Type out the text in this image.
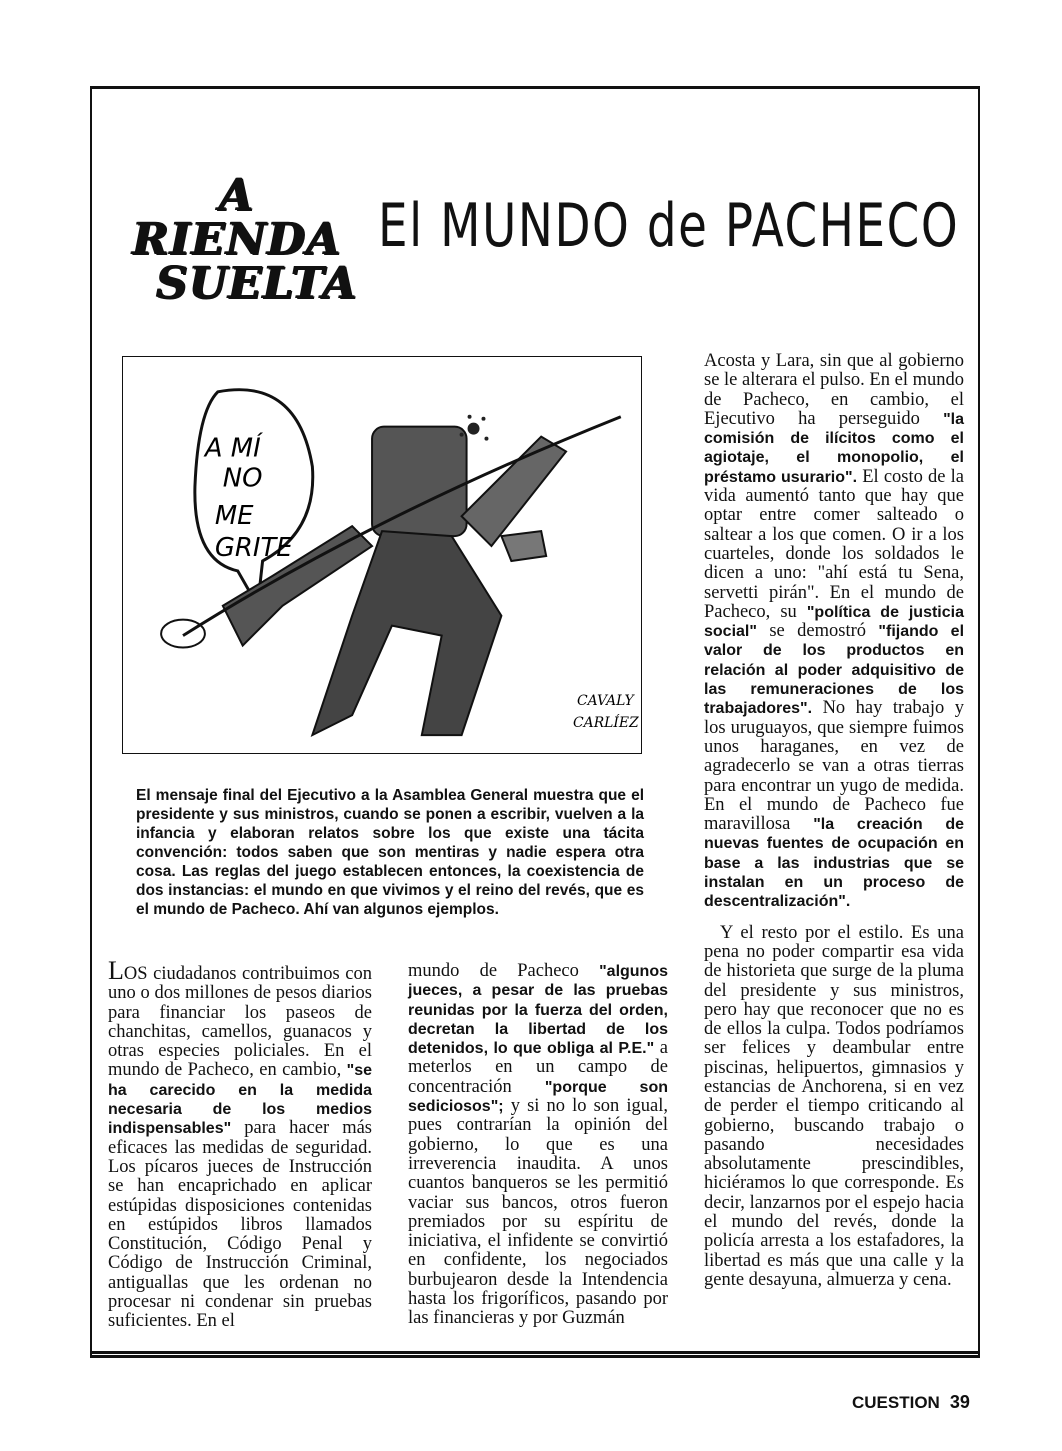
A RIENDA
SUELTA
El MUNDO de PACHECO
A MÍ
NO
ME
GRITE
CAVALY
CARLÍEZ
El mensaje final del Ejecutivo a la Asamblea General muestra que el presidente y sus ministros, cuando se ponen a escribir, vuelven a la infancia y elaboran relatos sobre los que existe una tácita convención: todos saben que son mentiras y nadie espera otra cosa. Las reglas del juego establecen entonces, la coexistencia de dos instancias: el mundo en que vivimos y el reino del revés, que es el mundo de Pacheco. Ahí van algunos ejemplos.

LOS ciudadanos contribuimos con uno o dos millones de pesos diarios para financiar los paseos de chanchitas, camellos, guanacos y otras especies policiales. En el mundo de Pacheco, en cambio, "se ha carecido en la medida necesaria de los medios indispensables" para hacer más eficaces las medidas de seguridad. Los pícaros jueces de Instrucción se han encaprichado en aplicar estúpidas disposiciones contenidas en estúpidos libros llamados Constitución, Código Penal y Código de Instrucción Criminal, antiguallas que les ordenan no procesar ni condenar sin pruebas suficientes. En el

mundo de Pacheco "algunos jueces, a pesar de las pruebas reunidas por la fuerza del orden, decretan la libertad de los detenidos, lo que obliga al P.E." a meterlos en un campo de concentración "porque son sediciosos"; y si no lo son igual, pues contrarían la opinión del gobierno, lo que es una irreverencia inaudita. A unos cuantos banqueros se les permitió vaciar sus bancos, otros fueron premiados por su espíritu de iniciativa, el infidente se convirtió en confidente, los negociados burbujearon desde la Intendencia hasta los frigoríficos, pasando por las financieras y por Guzmán

Acosta y Lara, sin que al gobierno se le alterara el pulso. En el mundo de Pacheco, en cambio, el Ejecutivo ha perseguido "la comisión de ilícitos como el agiotaje, el monopolio, el préstamo usurario". El costo de la vida aumentó tanto que hay que optar entre comer salteado o saltear a los que comen. O ir a los cuarteles, donde los soldados le dicen a uno: "ahí está tu Sena, servetti pirán". En el mundo de Pacheco, su "política de justicia social" se demostró "fijando el valor de los productos en relación al poder adquisitivo de las remuneraciones de los trabajadores". No hay trabajo y los uruguayos, que siempre fuimos unos haraganes, en vez de agradecerlo se van a otras tierras para encontrar un yugo de medida. En el mundo de Pacheco fue maravillosa "la creación de nuevas fuentes de ocupación en base a las industrias que se instalan en un proceso de descentralización".

Y el resto por el estilo. Es una pena no poder compartir esa vida de historieta que surge de la pluma del presidente y sus ministros, pero hay que reconocer que no es de ellos la culpa. Todos podríamos ser felices y deambular entre piscinas, helipuertos, gimnasios y estancias de Anchorena, si en vez de perder el tiempo criticando al gobierno, buscando trabajo o pasando necesidades absolutamente prescindibles, hiciéramos lo que corresponde. Es decir, lanzarnos por el espejo hacia el mundo del revés, donde la policía arresta a los estafadores, la libertad es más que una calle y la gente desayuna, almuerza y cena.

CUESTION 39
